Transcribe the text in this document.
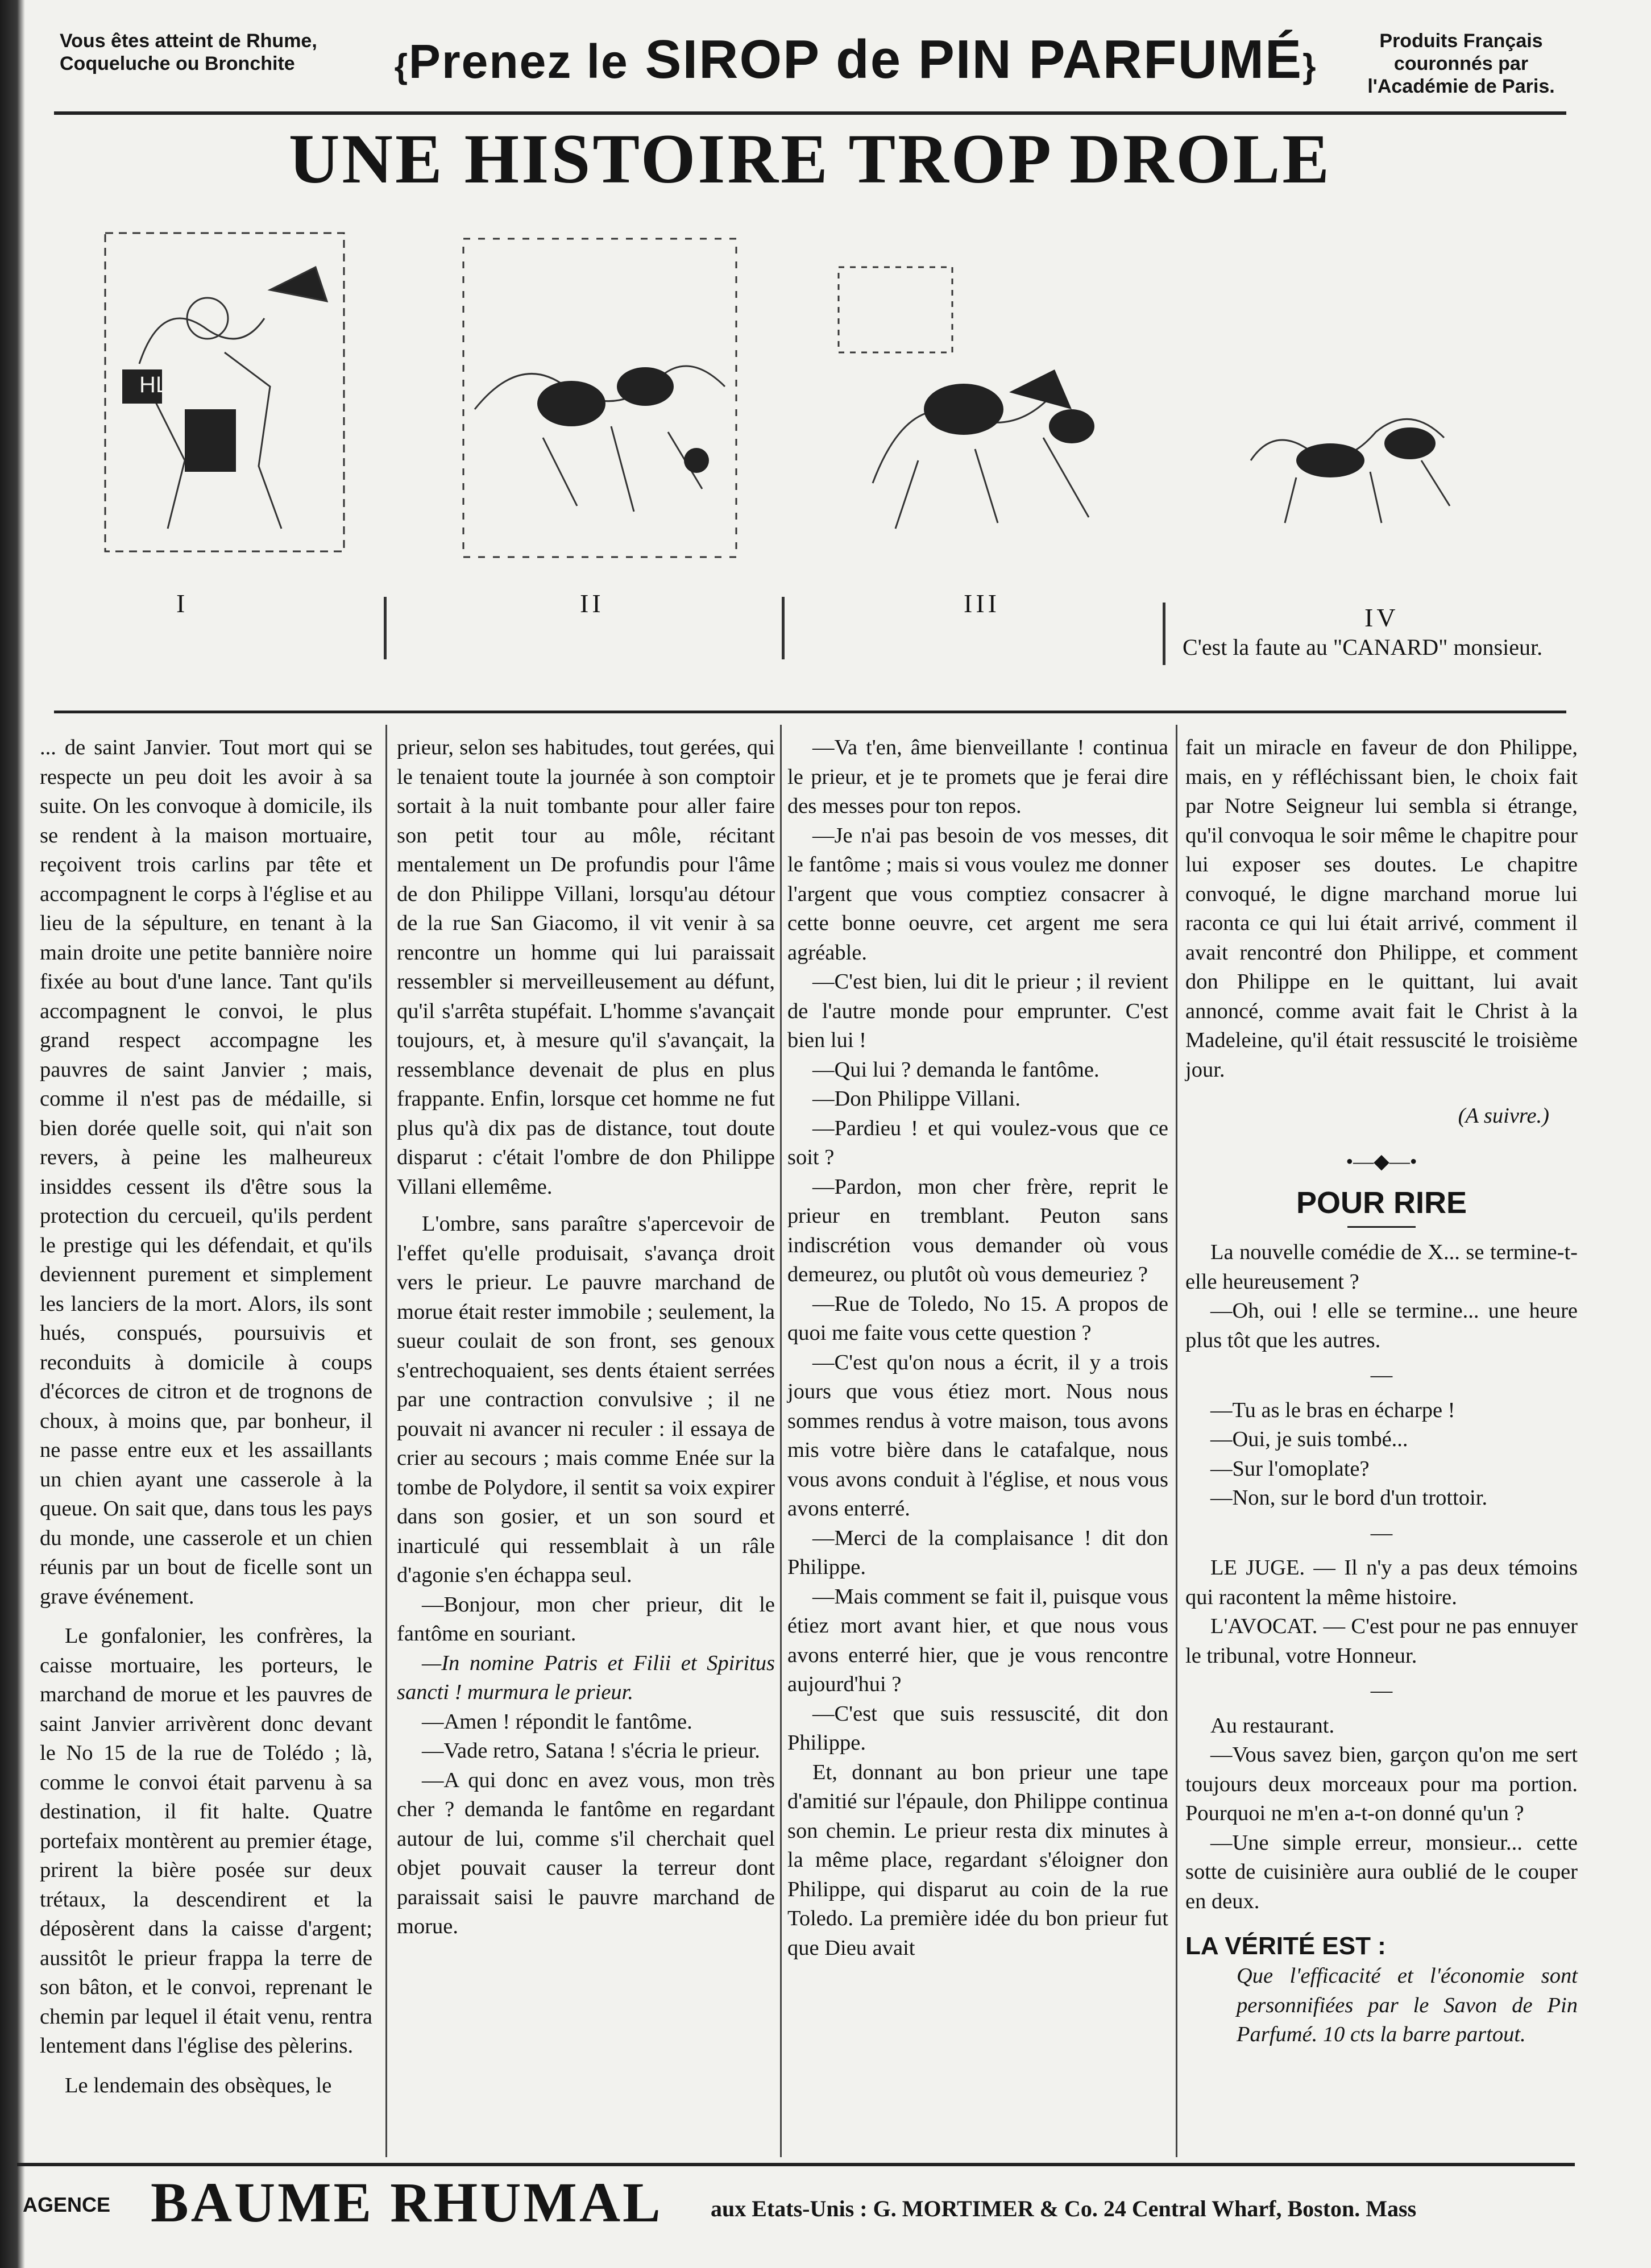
Vous êtes atteint de Rhume, Coqueluche ou Bronchite	{Prenez le SIROP de PIN PARFUMÉ}
Produits Français couronnés par l'Académie de Paris.
UNE HISTOIRE TROP DROLE
HL
I	II	III	IV
C'est la faute au "CANARD" monsieur.

... de saint Janvier. Tout mort qui se respecte un peu doit les avoir à sa suite. On les convoque à domicile, ils se rendent à la maison mortuaire, reçoivent trois carlins par tête et accompagnent le corps à l'église et au lieu de la sépulture, en tenant à la main droite une petite bannière noire fixée au bout d'une lance. Tant qu'ils accompagnent le convoi, le plus grand respect accompagne les pauvres de saint Janvier ; mais, comme il n'est pas de médaille, si bien dorée quelle soit, qui n'ait son revers, à peine les malheureux insiddes cessent ils d'être sous la protection du cercueil, qu'ils perdent le prestige qui les défendait, et qu'ils deviennent purement et simplement les lanciers de la mort. Alors, ils sont hués, conspués, poursuivis et reconduits à domicile à coups d'écorces de citron et de trognons de choux, à moins que, par bonheur, il ne passe entre eux et les assaillants un chien ayant une casserole à la queue. On sait que, dans tous les pays du monde, une casserole et un chien réunis par un bout de ficelle sont un grave événement.

Le gonfalonier, les confrères, la caisse mortuaire, les porteurs, le marchand de morue et les pauvres de saint Janvier arrivèrent donc devant le No 15 de la rue de Tolédo ; là, comme le convoi était parvenu à sa destination, il fit halte. Quatre portefaix montèrent au premier étage, prirent la bière posée sur deux trétaux, la descendirent et la déposèrent dans la caisse d'argent; aussitôt le prieur frappa la terre de son bâton, et le convoi, reprenant le chemin par lequel il était venu, rentra lentement dans l'église des pèlerins.

Le lendemain des obsèques, le

prieur, selon ses habitudes, tout gerées, qui le tenaient toute la journée à son comptoir sortait à la nuit tombante pour aller faire son petit tour au môle, récitant mentalement un De profundis pour l'âme de don Philippe Villani, lorsqu'au détour de la rue San Giacomo, il vit venir à sa rencontre un homme qui lui paraissait ressembler si merveilleusement au défunt, qu'il s'arrêta stupéfait. L'homme s'avançait toujours, et, à mesure qu'il s'avançait, la ressemblance devenait de plus en plus frappante. Enfin, lorsque cet homme ne fut plus qu'à dix pas de distance, tout doute disparut : c'était l'ombre de don Philippe Villani ellemême.

L'ombre, sans paraître s'apercevoir de l'effet qu'elle produisait, s'avança droit vers le prieur. Le pauvre marchand de morue était rester immobile ; seulement, la sueur coulait de son front, ses genoux s'entrechoquaient, ses dents étaient serrées par une contraction convulsive ; il ne pouvait ni avancer ni reculer : il essaya de crier au secours ; mais comme Enée sur la tombe de Polydore, il sentit sa voix expirer dans son gosier, et un son sourd et inarticulé qui ressemblait à un râle d'agonie s'en échappa seul.

—Bonjour, mon cher prieur, dit le fantôme en souriant.

—In nomine Patris et Filii et Spiritus sancti ! murmura le prieur.

—Amen ! répondit le fantôme.

—Vade retro, Satana ! s'écria le prieur.

—A qui donc en avez vous, mon très cher ? demanda le fantôme en regardant autour de lui, comme s'il cherchait quel objet pouvait causer la terreur dont paraissait saisi le pauvre marchand de morue.

—Va t'en, âme bienveillante ! continua le prieur, et je te promets que je ferai dire des messes pour ton repos.

—Je n'ai pas besoin de vos messes, dit le fantôme ; mais si vous voulez me donner l'argent que vous comptiez consacrer à cette bonne oeuvre, cet argent me sera agréable.

—C'est bien, lui dit le prieur ; il revient de l'autre monde pour emprunter. C'est bien lui !

—Qui lui ? demanda le fantôme.

—Don Philippe Villani.

—Pardieu ! et qui voulez-vous que ce soit ?

—Pardon, mon cher frère, reprit le prieur en tremblant. Peuton sans indiscrétion vous demander où vous demeurez, ou plutôt où vous demeuriez ?

—Rue de Toledo, No 15. A propos de quoi me faite vous cette question ?

—C'est qu'on nous a écrit, il y a trois jours que vous étiez mort. Nous nous sommes rendus à votre maison, tous avons mis votre bière dans le catafalque, nous vous avons conduit à l'église, et nous vous avons enterré.

—Merci de la complaisance ! dit don Philippe.

—Mais comment se fait il, puisque vous étiez mort avant hier, et que nous vous avons enterré hier, que je vous rencontre aujourd'hui ?

—C'est que suis ressuscité, dit don Philippe.

Et, donnant au bon prieur une tape d'amitié sur l'épaule, don Philippe continua son chemin. Le prieur resta dix minutes à la même place, regardant s'éloigner don Philippe, qui disparut au coin de la rue Toledo. La première idée du bon prieur fut que Dieu avait

fait un miracle en faveur de don Philippe, mais, en y réfléchissant bien, le choix fait par Notre Seigneur lui sembla si étrange, qu'il convoqua le soir même le chapitre pour lui exposer ses doutes. Le chapitre convoqué, le digne marchand morue lui raconta ce qui lui était arrivé, comment il avait rencontré don Philippe, et comment don Philippe en le quittant, lui avait annoncé, comme avait fait le Christ à la Madeleine, qu'il était ressuscité le troisième jour.

(A suivre.)

•—◆—•
POUR RIRE

La nouvelle comédie de X... se termine-t-elle heureusement ?

—Oh, oui ! elle se termine... une heure plus tôt que les autres.

—

—Tu as le bras en écharpe !

—Oui, je suis tombé...

—Sur l'omoplate?

—Non, sur le bord d'un trottoir.

—

LE JUGE. — Il n'y a pas deux témoins qui racontent la même histoire.

L'AVOCAT. — C'est pour ne pas ennuyer le tribunal, votre Honneur.

—

Au restaurant.

—Vous savez bien, garçon qu'on me sert toujours deux morceaux pour ma portion. Pourquoi ne m'en a-t-on donné qu'un ?

—Une simple erreur, monsieur... cette sotte de cuisinière aura oublié de le couper en deux.

LA VÉRITÉ EST :

Que l'efficacité et l'économie sont personnifiées par le Savon de Pin Parfumé. 10 cts la barre partout.

AGENCE BAUME RHUMAL aux Etats-Unis : G. MORTIMER & Co. 24 Central Wharf, Boston. Mass
